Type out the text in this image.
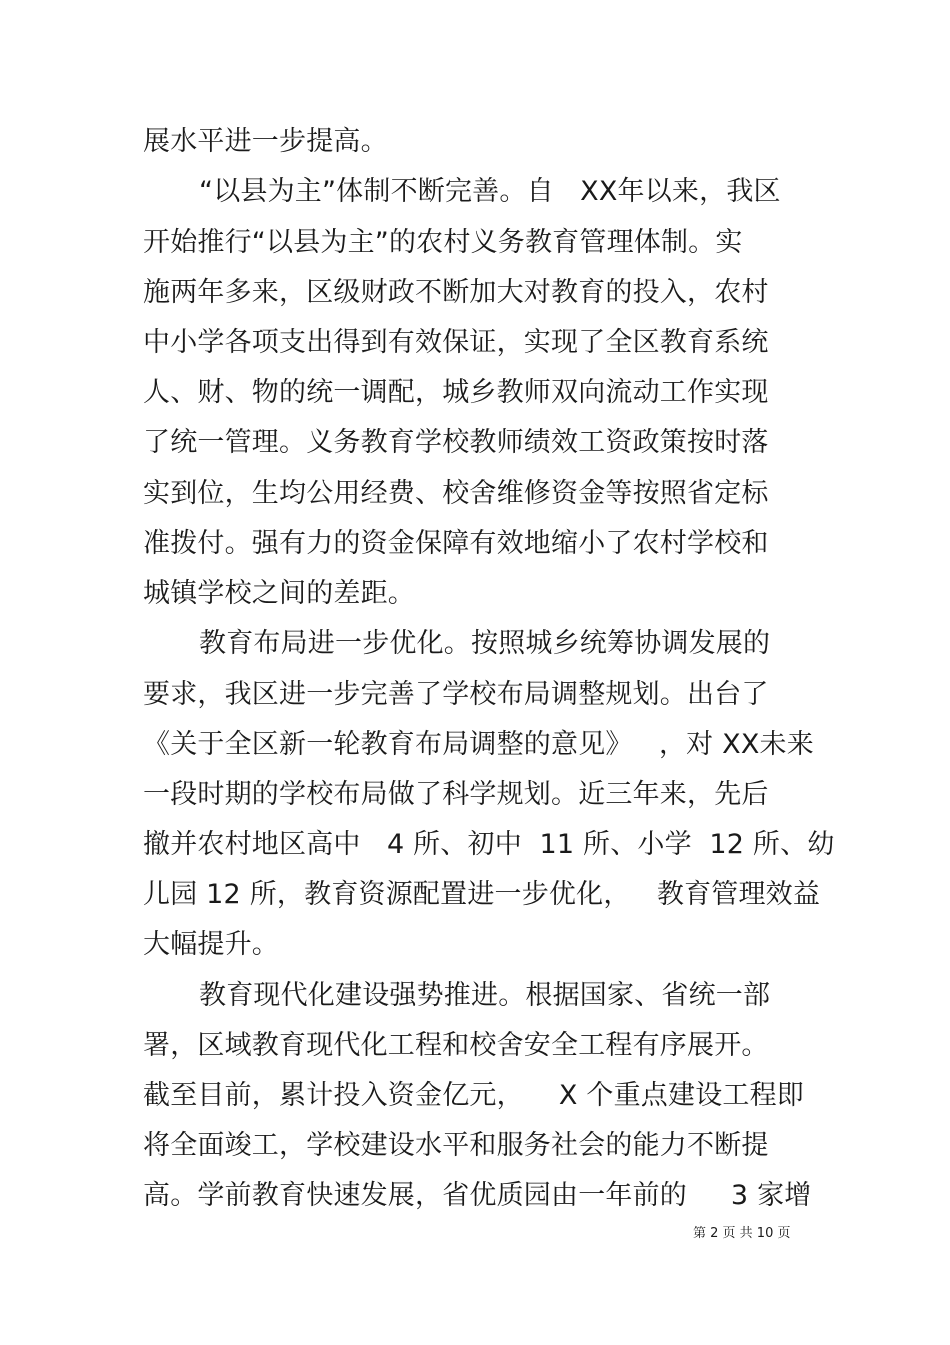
展水平进一步提高。
“以县为主”体制不断完善。自   XX年以来，我区
开始推行“以县为主”的农村义务教育管理体制。实
施两年多来，区级财政不断加大对教育的投入，农村
中小学各项支出得到有效保证，实现了全区教育系统
人、财、物的统一调配，城乡教师双向流动工作实现
了统一管理。义务教育学校教师绩效工资政策按时落
实到位，生均公用经费、校舍维修资金等按照省定标
准拨付。强有力的资金保障有效地缩小了农村学校和
城镇学校之间的差距。
教育布局进一步优化。按照城乡统筹协调发展的
要求，我区进一步完善了学校布局调整规划。出台了
《关于全区新一轮教育布局调整的意见》   ，对 XX未来
一段时期的学校布局做了科学规划。近三年来，先后
撤并农村地区高中   4 所、初中  11 所、小学  12 所、幼
儿园 12 所，教育资源配置进一步优化，   教育管理效益
大幅提升。
教育现代化建设强势推进。根据国家、省统一部
署，区域教育现代化工程和校舍安全工程有序展开。
截至目前，累计投入资金亿元，    X 个重点建设工程即
将全面竣工，学校建设水平和服务社会的能力不断提
高。学前教育快速发展，省优质园由一年前的     3 家增
第 2 页 共 10 页
